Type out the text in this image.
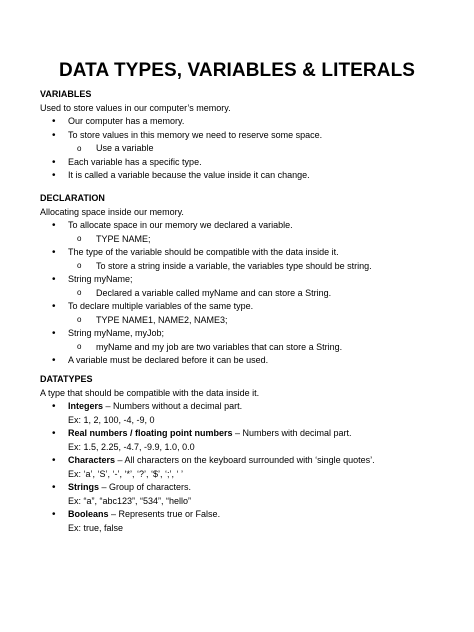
DATA TYPES, VARIABLES & LITERALS
VARIABLES
Used to store values in our computer’s memory.
• Our computer has a memory.
• To store values in this memory we need to reserve some space.
o Use a variable
• Each variable has a specific type.
• It is called a variable because the value inside it can change.
DECLARATION
Allocating space inside our memory.
• To allocate space in our memory we declared a variable.
o TYPE NAME;
• The type of the variable should be compatible with the data inside it.
o To store a string inside a variable, the variables type should be string.
• String myName;
o Declared a variable called myName and can store a String.
• To declare multiple variables of the same type.
o TYPE NAME1, NAME2, NAME3;
• String myName, myJob;
o myName and my job are two variables that can store a String.
• A variable must be declared before it can be used.
DATATYPES
A type that should be compatible with the data inside it.
• Integers – Numbers without a decimal part.
Ex: 1, 2, 100, -4, -9, 0
• Real numbers / floating point numbers – Numbers with decimal part.
Ex: 1.5, 2.25, -4.7, -9.9, 1.0, 0.0
• Characters – All characters on the keyboard surrounded with ‘single quotes’.
Ex: ‘a’, ‘S’, ‘-’, ‘*’, ‘?’, ‘$’, ‘;’, ‘ ’
• Strings – Group of characters.
Ex: “a”, “abc123”, “534”, “hello”
• Booleans – Represents true or False.
Ex: true, false
